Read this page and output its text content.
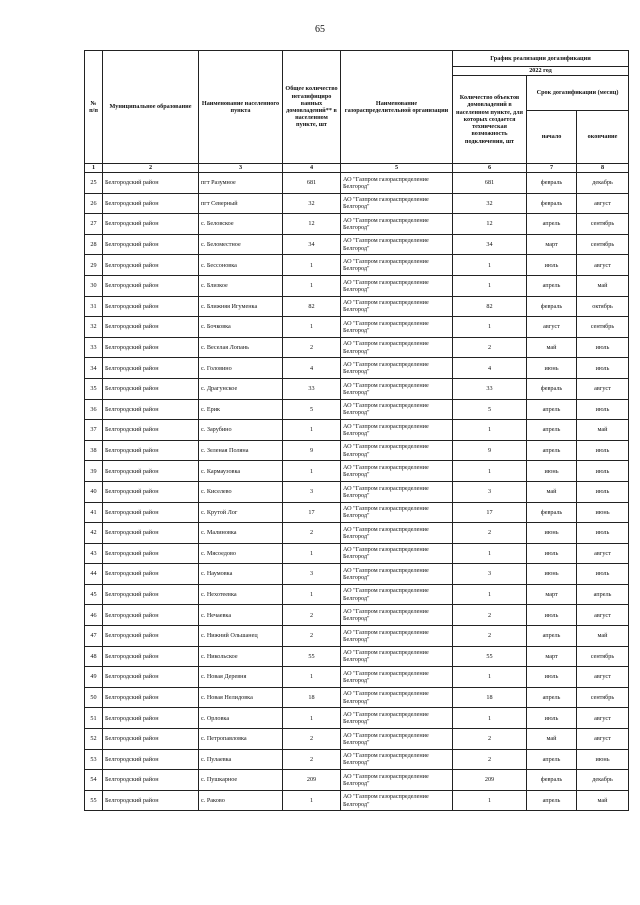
65
№ п/п	Муниципальное образование	Наименование населенного пункта	Общее количество негазифициро ванных домовладений** в населенном пункте, шт	Наименование газораспределительной организации	График реализации догазификации		
					2022 год		
					Количество объектов домовладений в населенном пункте, для которых создается техническая возможность подключения, шт	Срок догазификации (месяц)	
						начало	окончание
1	2	3	4	5	6	7	8
25	Белгородский район	пгт Разумное	681	АО "Газпром газораспределение Белгород"	681	февраль	декабрь
26	Белгородский район	пгт Северный	32	АО "Газпром газораспределение Белгород"	32	февраль	август
27	Белгородский район	с. Беловское	12	АО "Газпром газораспределение Белгород"	12	апрель	сентябрь
28	Белгородский район	с. Беломестное	34	АО "Газпром газораспределение Белгород"	34	март	сентябрь
29	Белгородский район	с. Бессоновка	1	АО "Газпром газораспределение Белгород"	1	июль	август
30	Белгородский район	с. Близкое	1	АО "Газпром газораспределение Белгород"	1	апрель	май
31	Белгородский район	с. Ближняя Игуменка	82	АО "Газпром газораспределение Белгород"	82	февраль	октябрь
32	Белгородский район	с. Бочковка	1	АО "Газпром газораспределение Белгород"	1	август	сентябрь
33	Белгородский район	с. Веселая Лопань	2	АО "Газпром газораспределение Белгород"	2	май	июль
34	Белгородский район	с. Головино	4	АО "Газпром газораспределение Белгород"	4	июнь	июль
35	Белгородский район	с. Драгунское	33	АО "Газпром газораспределение Белгород"	33	февраль	август
36	Белгородский район	с. Ерик	5	АО "Газпром газораспределение Белгород"	5	апрель	июль
37	Белгородский район	с. Зарубино	1	АО "Газпром газораспределение Белгород"	1	апрель	май
38	Белгородский район	с. Зеленая Поляна	9	АО "Газпром газораспределение Белгород"	9	апрель	июль
39	Белгородский район	с. Кармаузовка	1	АО "Газпром газораспределение Белгород"	1	июнь	июль
40	Белгородский район	с. Киселево	3	АО "Газпром газораспределение Белгород"	3	май	июль
41	Белгородский район	с. Крутой Лог	17	АО "Газпром газораспределение Белгород"	17	февраль	июнь
42	Белгородский район	с. Малиновка	2	АО "Газпром газораспределение Белгород"	2	июнь	июль
43	Белгородский район	с. Мясоедово	1	АО "Газпром газораспределение Белгород"	1	июль	август
44	Белгородский район	с. Наумовка	3	АО "Газпром газораспределение Белгород"	3	июнь	июль
45	Белгородский район	с. Нехотеевка	1	АО "Газпром газораспределение Белгород"	1	март	апрель
46	Белгородский район	с. Нечаевка	2	АО "Газпром газораспределение Белгород"	2	июль	август
47	Белгородский район	с. Нижний Ольшанец	2	АО "Газпром газораспределение Белгород"	2	апрель	май
48	Белгородский район	с. Никольское	55	АО "Газпром газораспределение Белгород"	55	март	сентябрь
49	Белгородский район	с. Новая Деревня	1	АО "Газпром газораспределение Белгород"	1	июль	август
50	Белгородский район	с. Новая Нелидовка	18	АО "Газпром газораспределение Белгород"	18	апрель	сентябрь
51	Белгородский район	с. Орловка	1	АО "Газпром газораспределение Белгород"	1	июль	август
52	Белгородский район	с. Петропавловка	2	АО "Газпром газораспределение Белгород"	2	май	август
53	Белгородский район	с. Пулаевка	2	АО "Газпром газораспределение Белгород"	2	апрель	июнь
54	Белгородский район	с. Пушкарное	209	АО "Газпром газораспределение Белгород"	209	февраль	декабрь
55	Белгородский район	с. Раково	1	АО "Газпром газораспределение Белгород"	1	апрель	май
